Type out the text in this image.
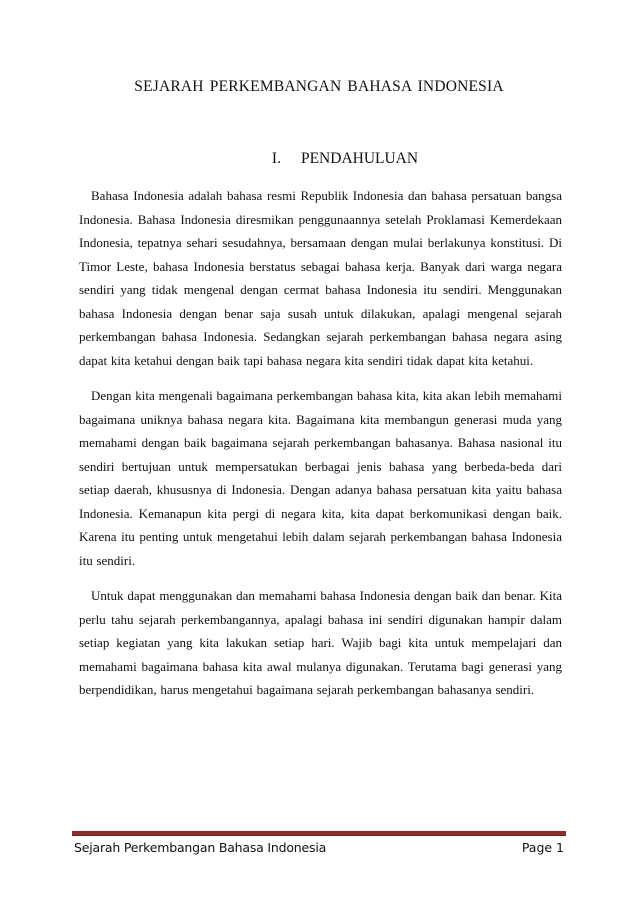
SEJARAH PERKEMBANGAN BAHASA INDONESIA
I. PENDAHULUAN

Bahasa Indonesia adalah bahasa resmi Republik Indonesia dan bahasa persatuan bangsa Indonesia. Bahasa Indonesia diresmikan penggunaannya setelah Proklamasi Kemerdekaan Indonesia, tepatnya sehari sesudahnya, bersamaan dengan mulai berlakunya konstitusi. Di Timor Leste, bahasa Indonesia berstatus sebagai bahasa kerja. Banyak dari warga negara sendiri yang tidak mengenal dengan cermat bahasa Indonesia itu sendiri. Menggunakan bahasa Indonesia dengan benar saja susah untuk dilakukan, apalagi mengenal sejarah perkembangan bahasa Indonesia. Sedangkan sejarah perkembangan bahasa negara asing dapat kita ketahui dengan baik tapi bahasa negara kita sendiri tidak dapat kita ketahui.

Dengan kita mengenali bagaimana perkembangan bahasa kita, kita akan lebih memahami bagaimana uniknya bahasa negara kita. Bagaimana kita membangun generasi muda yang memahami dengan baik bagaimana sejarah perkembangan bahasanya. Bahasa nasional itu sendiri bertujuan untuk mempersatukan berbagai jenis bahasa yang berbeda-beda dari setiap daerah, khususnya di Indonesia. Dengan adanya bahasa persatuan kita yaitu bahasa Indonesia. Kemanapun kita pergi di negara kita, kita dapat berkomunikasi dengan baik. Karena itu penting untuk mengetahui lebih dalam sejarah perkembangan bahasa Indonesia itu sendiri.

Untuk dapat menggunakan dan memahami bahasa Indonesia dengan baik dan benar. Kita perlu tahu sejarah perkembangannya, apalagi bahasa ini sendiri digunakan hampir dalam setiap kegiatan yang kita lakukan setiap hari. Wajib bagi kita untuk mempelajari dan memahami bagaimana bahasa kita awal mulanya digunakan. Terutama bagi generasi yang berpendidikan, harus mengetahui bagaimana sejarah perkembangan bahasanya sendiri.

Sejarah Perkembangan Bahasa Indonesia	Page 1
